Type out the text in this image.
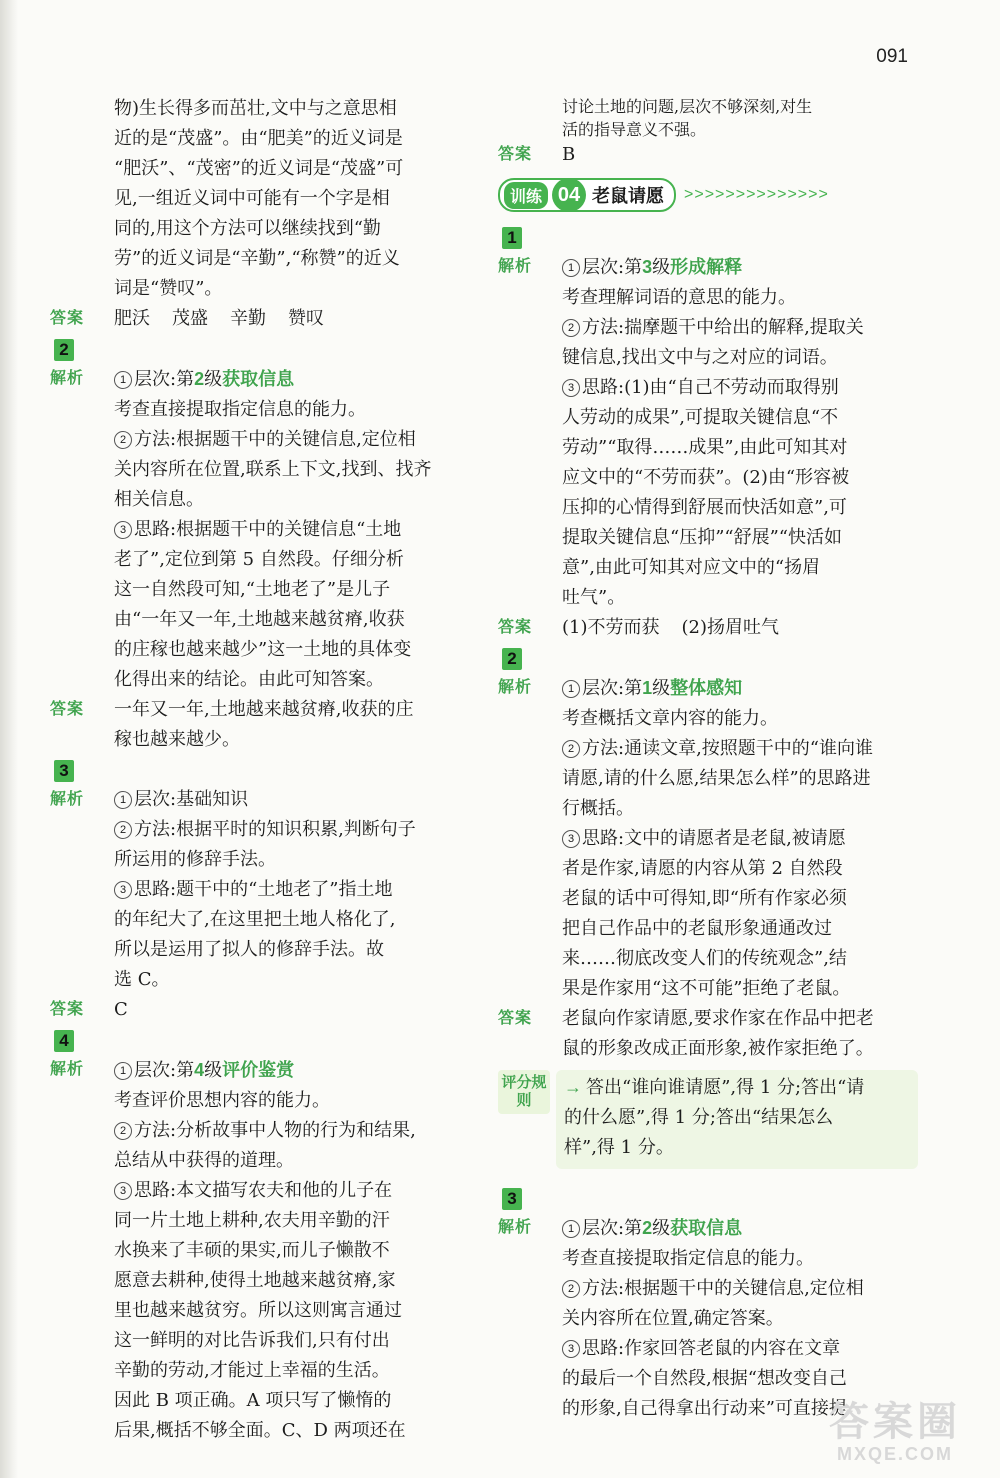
091
物)生长得多而茁壮,文中与之意思相
近的是“茂盛”。由“肥美”的近义词是
“肥沃”、“茂密”的近义词是“茂盛”可
见,一组近义词中可能有一个字是相
同的,用这个方法可以继续找到“勤
劳”的近义词是“辛勤”,“称赞”的近义
词是“赞叹”。
答案	肥沃 茂盛 辛勤 赞叹
2
解析	1 层次:第2级获取信息
考查直接提取指定信息的能力。
2 方法:根据题干中的关键信息,定位相
关内容所在位置,联系上下文,找到、找齐
相关信息。
3 思路:根据题干中的关键信息“土地
老了”,定位到第 5 自然段。仔细分析
这一自然段可知,“土地老了”是儿子
由“一年又一年,土地越来越贫瘠,收获
的庄稼也越来越少”这一土地的具体变
化得出来的结论。由此可知答案。
答案	一年又一年,土地越来越贫瘠,收获的庄
稼也越来越少。
3
解析	1 层次:基础知识
2 方法:根据平时的知识积累,判断句子
所运用的修辞手法。
3 思路:题干中的“土地老了”指土地
的年纪大了,在这里把土地人格化了,
所以是运用了拟人的修辞手法。故
选 C。
答案	C
4
解析	1 层次:第4级评价鉴赏
考查评价思想内容的能力。
2 方法:分析故事中人物的行为和结果,
总结从中获得的道理。
3 思路:本文描写农夫和他的儿子在
同一片土地上耕种,农夫用辛勤的汗
水换来了丰硕的果实,而儿子懒散不
愿意去耕种,使得土地越来越贫瘠,家
里也越来越贫穷。所以这则寓言通过
这一鲜明的对比告诉我们,只有付出
辛勤的劳动,才能过上幸福的生活。
因此 B 项正确。A 项只写了懒惰的
后果,概括不够全面。C、D 两项还在
讨论土地的问题,层次不够深刻,对生
活的指导意义不强。
答案	B
训练 04 老鼠请愿 >>>>>>>>>>>>>>
1
解析	1 层次:第3级形成解释
考查理解词语的意思的能力。
2 方法:揣摩题干中给出的解释,提取关
键信息,找出文中与之对应的词语。
3 思路:(1)由“自己不劳动而取得别
人劳动的成果”,可提取关键信息“不
劳动”“取得……成果”,由此可知其对
应文中的“不劳而获”。(2)由“形容被
压抑的心情得到舒展而快活如意”,可
提取关键信息“压抑”“舒展”“快活如
意”,由此可知其对应文中的“扬眉
吐气”。
答案	(1)不劳而获 (2)扬眉吐气
2
解析	1 层次:第1级整体感知
考查概括文章内容的能力。
2 方法:通读文章,按照题干中的“谁向谁
请愿,请的什么愿,结果怎么样”的思路进
行概括。
3 思路:文中的请愿者是老鼠,被请愿
者是作家,请愿的内容从第 2 自然段
老鼠的话中可得知,即“所有作家必须
把自己作品中的老鼠形象通通改过
来……彻底改变人们的传统观念”,结
果是作家用“这不可能”拒绝了老鼠。
答案	老鼠向作家请愿,要求作家在作品中把老
鼠的形象改成正面形象,被作家拒绝了。
评分规则
→ 答出“谁向谁请愿”,得 1 分;答出“请
的什么愿”,得 1 分;答出“结果怎么
样”,得 1 分。
3
解析	1 层次:第2级获取信息
考查直接提取指定信息的能力。
2 方法:根据题干中的关键信息,定位相
关内容所在位置,确定答案。
3 思路:作家回答老鼠的内容在文章
的最后一个自然段,根据“想改变自己
的形象,自己得拿出行动来”可直接提
答案圈
MXQE.COM
